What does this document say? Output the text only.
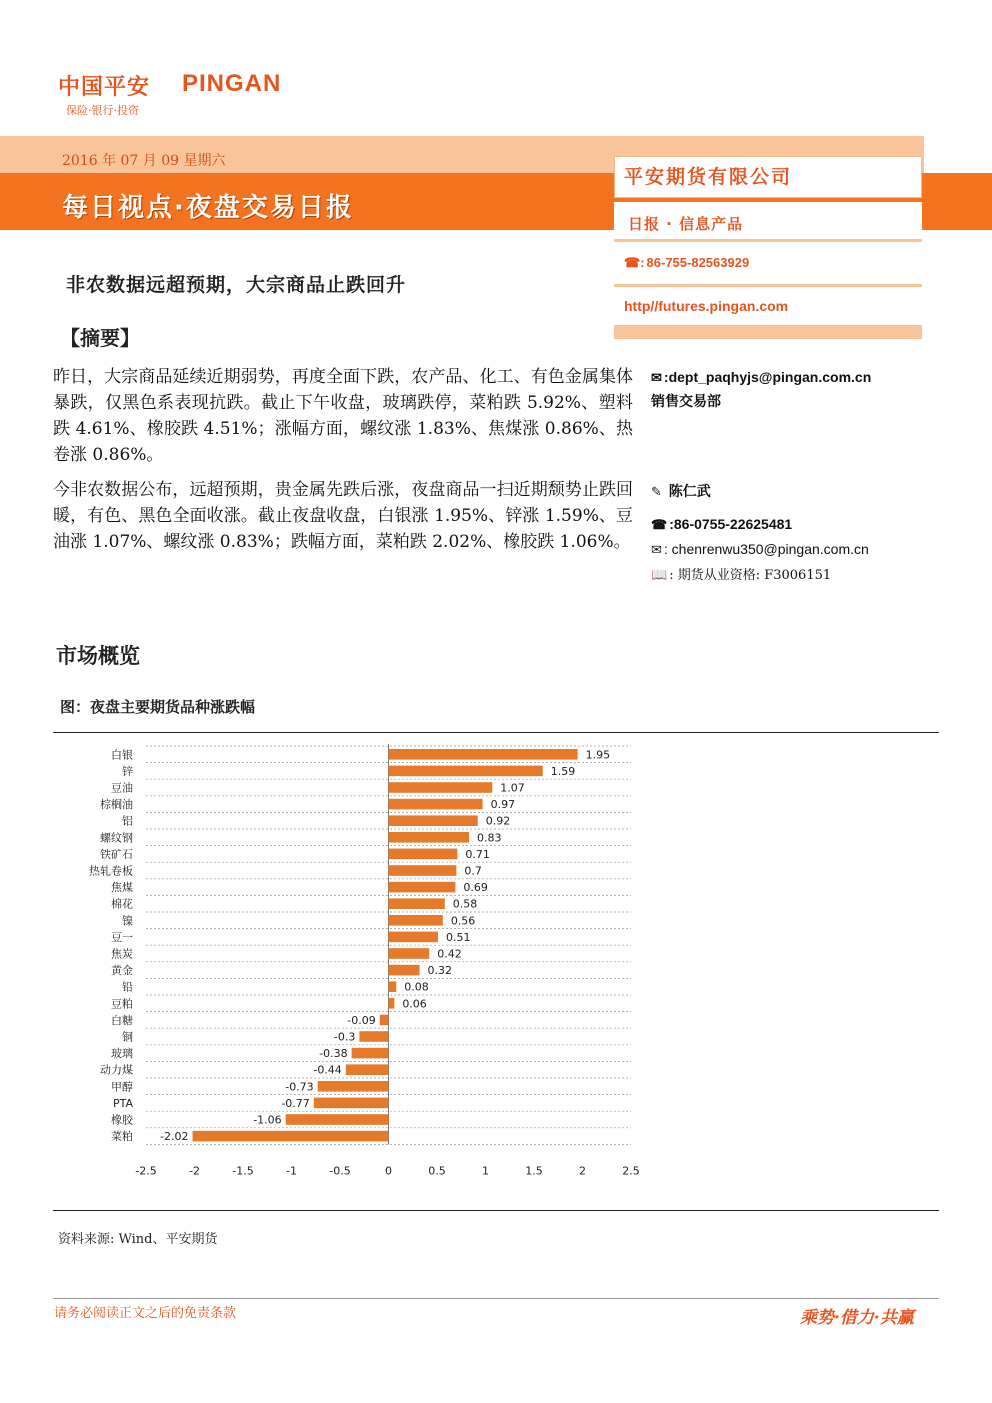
中国平安 PINGAN
保险·银行·投资
2016 年 07 月 09 星期六
每日视点·夜盘交易日报
平安期货有限公司
日报 · 信息产品
☎: 86-755-82563929
http//futures.pingan.com
非农数据远超预期，大宗商品止跌回升
【摘要】
昨日，大宗商品延续近期弱势，再度全面下跌，农产品、化工、有色金属集体暴跌，仅黑色系表现抗跌。截止下午收盘，玻璃跌停，菜粕跌 5.92%、塑料跌 4.61%、橡胶跌 4.51%；涨幅方面，螺纹涨 1.83%、焦煤涨 0.86%、热卷涨 0.86%。
今非农数据公布，远超预期，贵金属先跌后涨，夜盘商品一扫近期颓势止跌回暖，有色、黑色全面收涨。截止夜盘收盘，白银涨 1.95%、锌涨 1.59%、豆油涨 1.07%、螺纹涨 0.83%；跌幅方面，菜粕跌 2.02%、橡胶跌 1.06%。
✉ :dept_paqhyjs@pingan.com.cn
销售交易部
✎ 陈仁武
☎ :86-0755-22625481
✉ : chenrenwu350@pingan.com.cn
📖 : 期货从业资格: F3006151
市场概览
图：夜盘主要期货品种涨跌幅
白银	1.95
锌	1.59
豆油	1.07
棕榈油	0.97
铝	0.92
螺纹钢	0.83
铁矿石	0.71
热轧卷板	0.7
焦煤	0.69
棉花	0.58
镍	0.56
豆一	0.51
焦炭	0.42
黄金	0.32
铅	0.08
豆粕	0.06
白糖	-0.09
铜	-0.3
玻璃	-0.38
动力煤	-0.44
甲醇	-0.73
PTA	-0.77
橡胶	-1.06
菜粕 -2.02
-2.5	-2	-1.5	-1	-0.5	0	0.5	1	1.5	2	2.5
资料来源: Wind、平安期货
请务必阅读正文之后的免责条款	乘势·借力·共赢
